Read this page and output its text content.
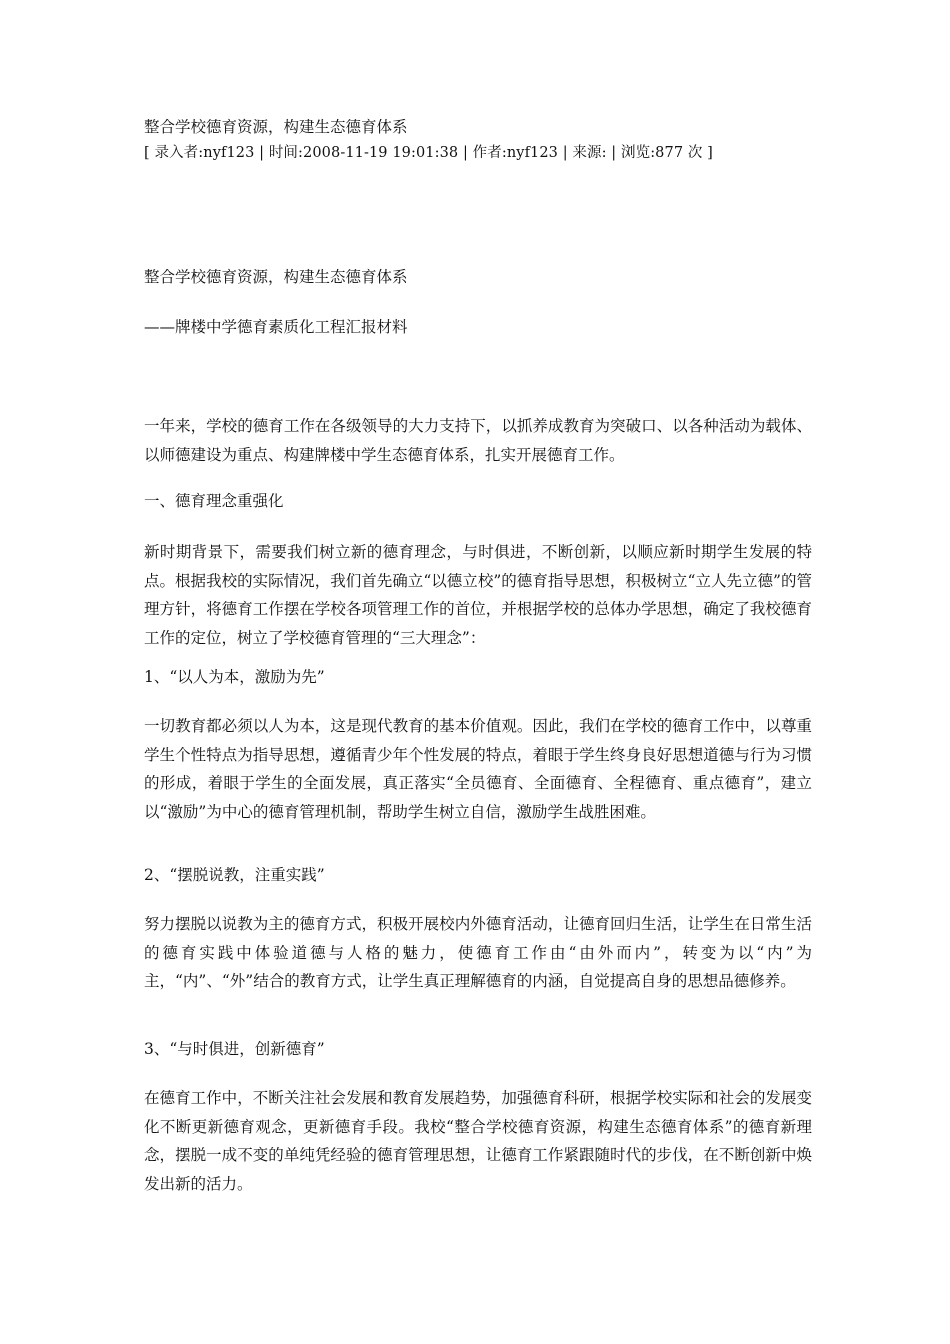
整合学校德育资源，构建生态德育体系
[ 录入者:nyf123 | 时间:2008-11-19 19:01:38 | 作者:nyf123 | 来源: | 浏览:877 次 ]
整合学校德育资源，构建生态德育体系
——牌楼中学德育素质化工程汇报材料
一年来，学校的德育工作在各级领导的大力支持下，以抓养成教育为突破口、以各种活动为载体、以师德建设为重点、构建牌楼中学生态德育体系，扎实开展德育工作。
一、德育理念重强化
新时期背景下，需要我们树立新的德育理念，与时俱进，不断创新，以顺应新时期学生发展的特点。根据我校的实际情况，我们首先确立“以德立校”的德育指导思想，积极树立“立人先立德”的管理方针，将德育工作摆在学校各项管理工作的首位，并根据学校的总体办学思想，确定了我校德育工作的定位，树立了学校德育管理的“三大理念”：
1、“以人为本，激励为先”
一切教育都必须以人为本，这是现代教育的基本价值观。因此，我们在学校的德育工作中，以尊重学生个性特点为指导思想，遵循青少年个性发展的特点，着眼于学生终身良好思想道德与行为习惯的形成，着眼于学生的全面发展，真正落实“全员德育、全面德育、全程德育、重点德育”，建立以“激励”为中心的德育管理机制，帮助学生树立自信，激励学生战胜困难。
2、“摆脱说教，注重实践”
努力摆脱以说教为主的德育方式，积极开展校内外德育活动，让德育回归生活，让学生在日常生活的德育实践中体验道德与人格的魅力，使德育工作由“由外而内”，转变为以“内”为主，“内”、“外”结合的教育方式，让学生真正理解德育的内涵，自觉提高自身的思想品德修养。
3、“与时俱进，创新德育”
在德育工作中，不断关注社会发展和教育发展趋势，加强德育科研，根据学校实际和社会的发展变化不断更新德育观念，更新德育手段。我校“整合学校德育资源，构建生态德育体系”的德育新理念，摆脱一成不变的单纯凭经验的德育管理思想，让德育工作紧跟随时代的步伐，在不断创新中焕发出新的活力。
